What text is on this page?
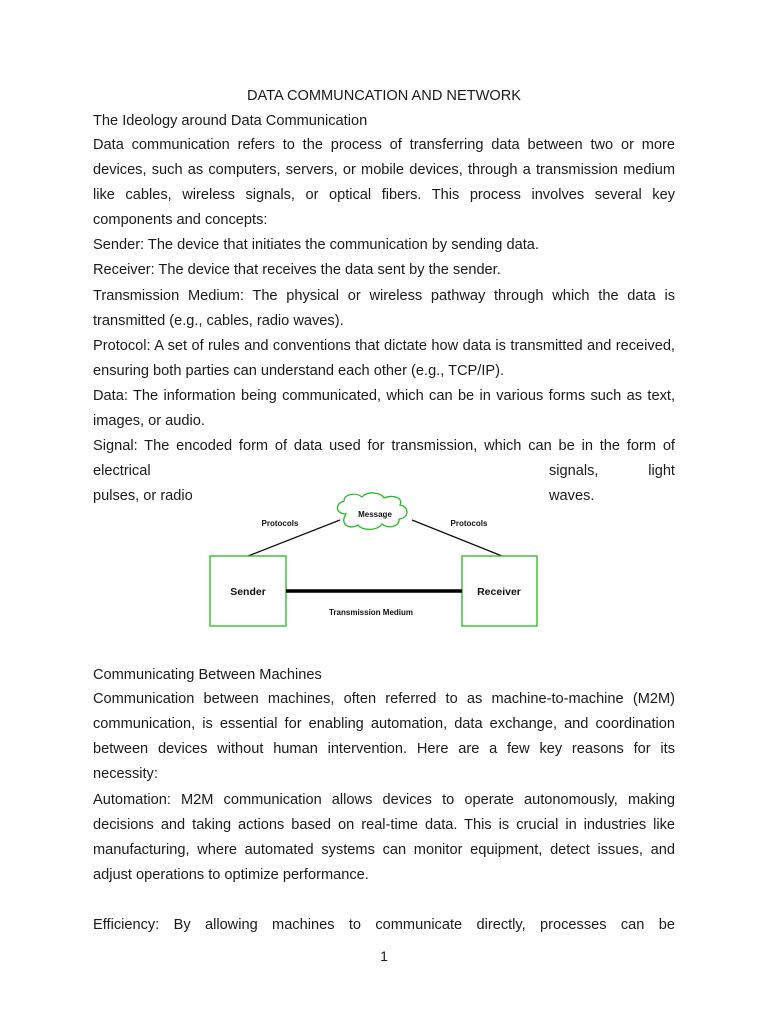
DATA COMMUNCATION AND NETWORK
The Ideology around Data Communication
Data communication refers to the process of transferring data between two or more devices, such as computers, servers, or mobile devices, through a transmission medium like cables, wireless signals, or optical fibers. This process involves several key components and concepts:
Sender: The device that initiates the communication by sending data.
Receiver: The device that receives the data sent by the sender.
Transmission Medium: The physical or wireless pathway through which the data is transmitted (e.g., cables, radio waves).
Protocol: A set of rules and conventions that dictate how data is transmitted and received, ensuring both parties can understand each other (e.g., TCP/IP).
Data: The information being communicated, which can be in various forms such as text, images, or audio.
Signal: The encoded form of data used for transmission, which can be in the form of
electrical	signals,	light
pulses, or radio	waves.
Message
Protocols	Protocols
Sender	Receiver
Transmission Medium
Communicating Between Machines
Communication between machines, often referred to as machine-to-machine (M2M) communication, is essential for enabling automation, data exchange, and coordination between devices without human intervention. Here are a few key reasons for its necessity:
Automation: M2M communication allows devices to operate autonomously, making decisions and taking actions based on real-time data. This is crucial in industries like manufacturing, where automated systems can monitor equipment, detect issues, and adjust operations to optimize performance.
Efficiency: By allowing machines to communicate directly, processes can be
1
